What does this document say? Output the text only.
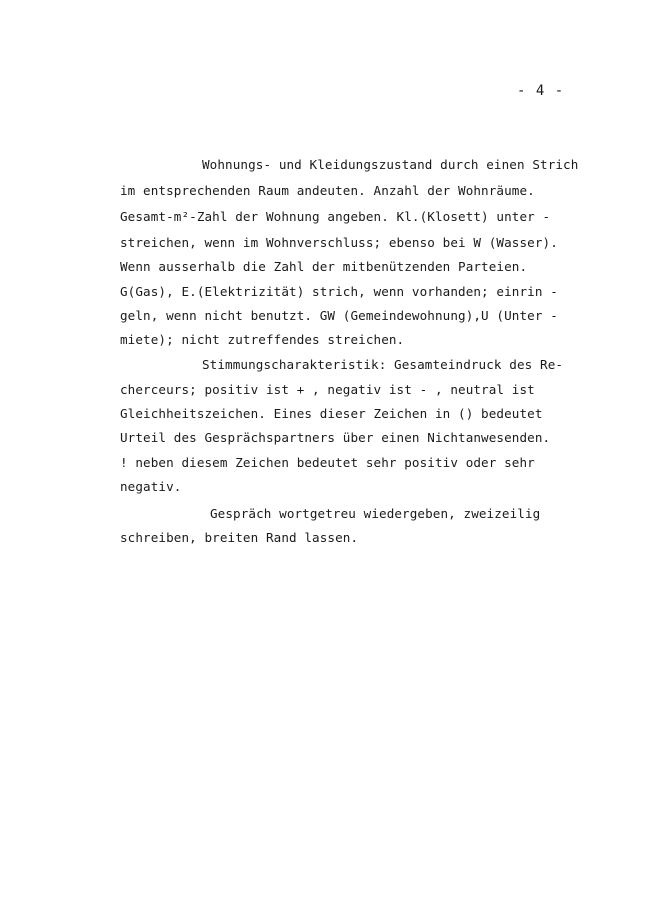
- 4 -
Wohnungs- und Kleidungszustand durch einen Strich
im entsprechenden Raum andeuten. Anzahl der Wohnräume.
Gesamt-m²-Zahl der Wohnung angeben. Kl.(Klosett) unter -
streichen, wenn im Wohnverschluss; ebenso bei W (Wasser).
Wenn ausserhalb die Zahl der mitbenützenden Parteien.
G(Gas), E.(Elektrizität) strich, wenn vorhanden; einrin -
geln, wenn nicht benutzt. GW (Gemeindewohnung),U (Unter -
miete); nicht zutreffendes streichen.
Stimmungscharakteristik: Gesamteindruck des Re-
cherceurs; positiv ist + , negativ ist - , neutral ist
Gleichheitszeichen. Eines dieser Zeichen in () bedeutet
Urteil des Gesprächspartners über einen Nichtanwesenden.
! neben diesem Zeichen bedeutet sehr positiv oder sehr
negativ.
Gespräch wortgetreu wiedergeben, zweizeilig
schreiben, breiten Rand lassen.
